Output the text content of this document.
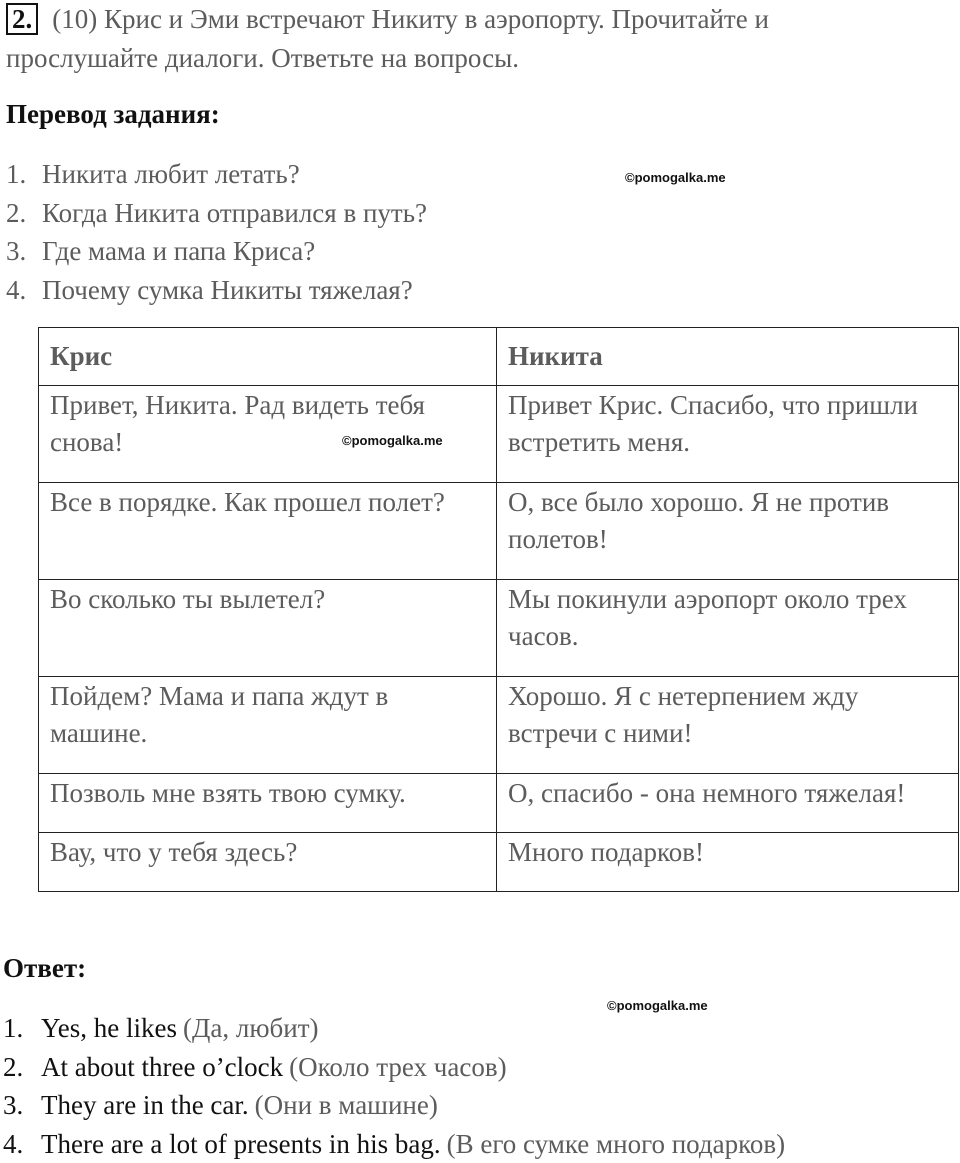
2. (10) Крис и Эми встречают Никиту в аэропорту. Прочитайте и
прослушайте диалоги. Ответьте на вопросы.
Перевод задания:
1. Никита любит летать?
2. Когда Никита отправился в путь?
3. Где мама и папа Криса?
4. Почему сумка Никиты тяжелая?
©pomogalka.me
Крис	Никита
Привет, Никита. Рад видеть тебя снова! ©pomogalka.me	Привет Крис. Спасибо, что пришли встретить меня.
Все в порядке. Как прошел полет?	О, все было хорошо. Я не против полетов!
Во сколько ты вылетел?	Мы покинули аэропорт около трех часов.
Пойдем? Мама и папа ждут в машине.	Хорошо. Я с нетерпением жду встречи с ними!
Позволь мне взять твою сумку.	О, спасибо - она немного тяжелая!
Вау, что у тебя здесь?	Много подарков!
Ответ:
©pomogalka.me
1. Yes, he likes (Да, любит)
2. At about three o’clock (Около трех часов)
3. They are in the car. (Они в машине)
4. There are a lot of presents in his bag. (В его сумке много подарков)
